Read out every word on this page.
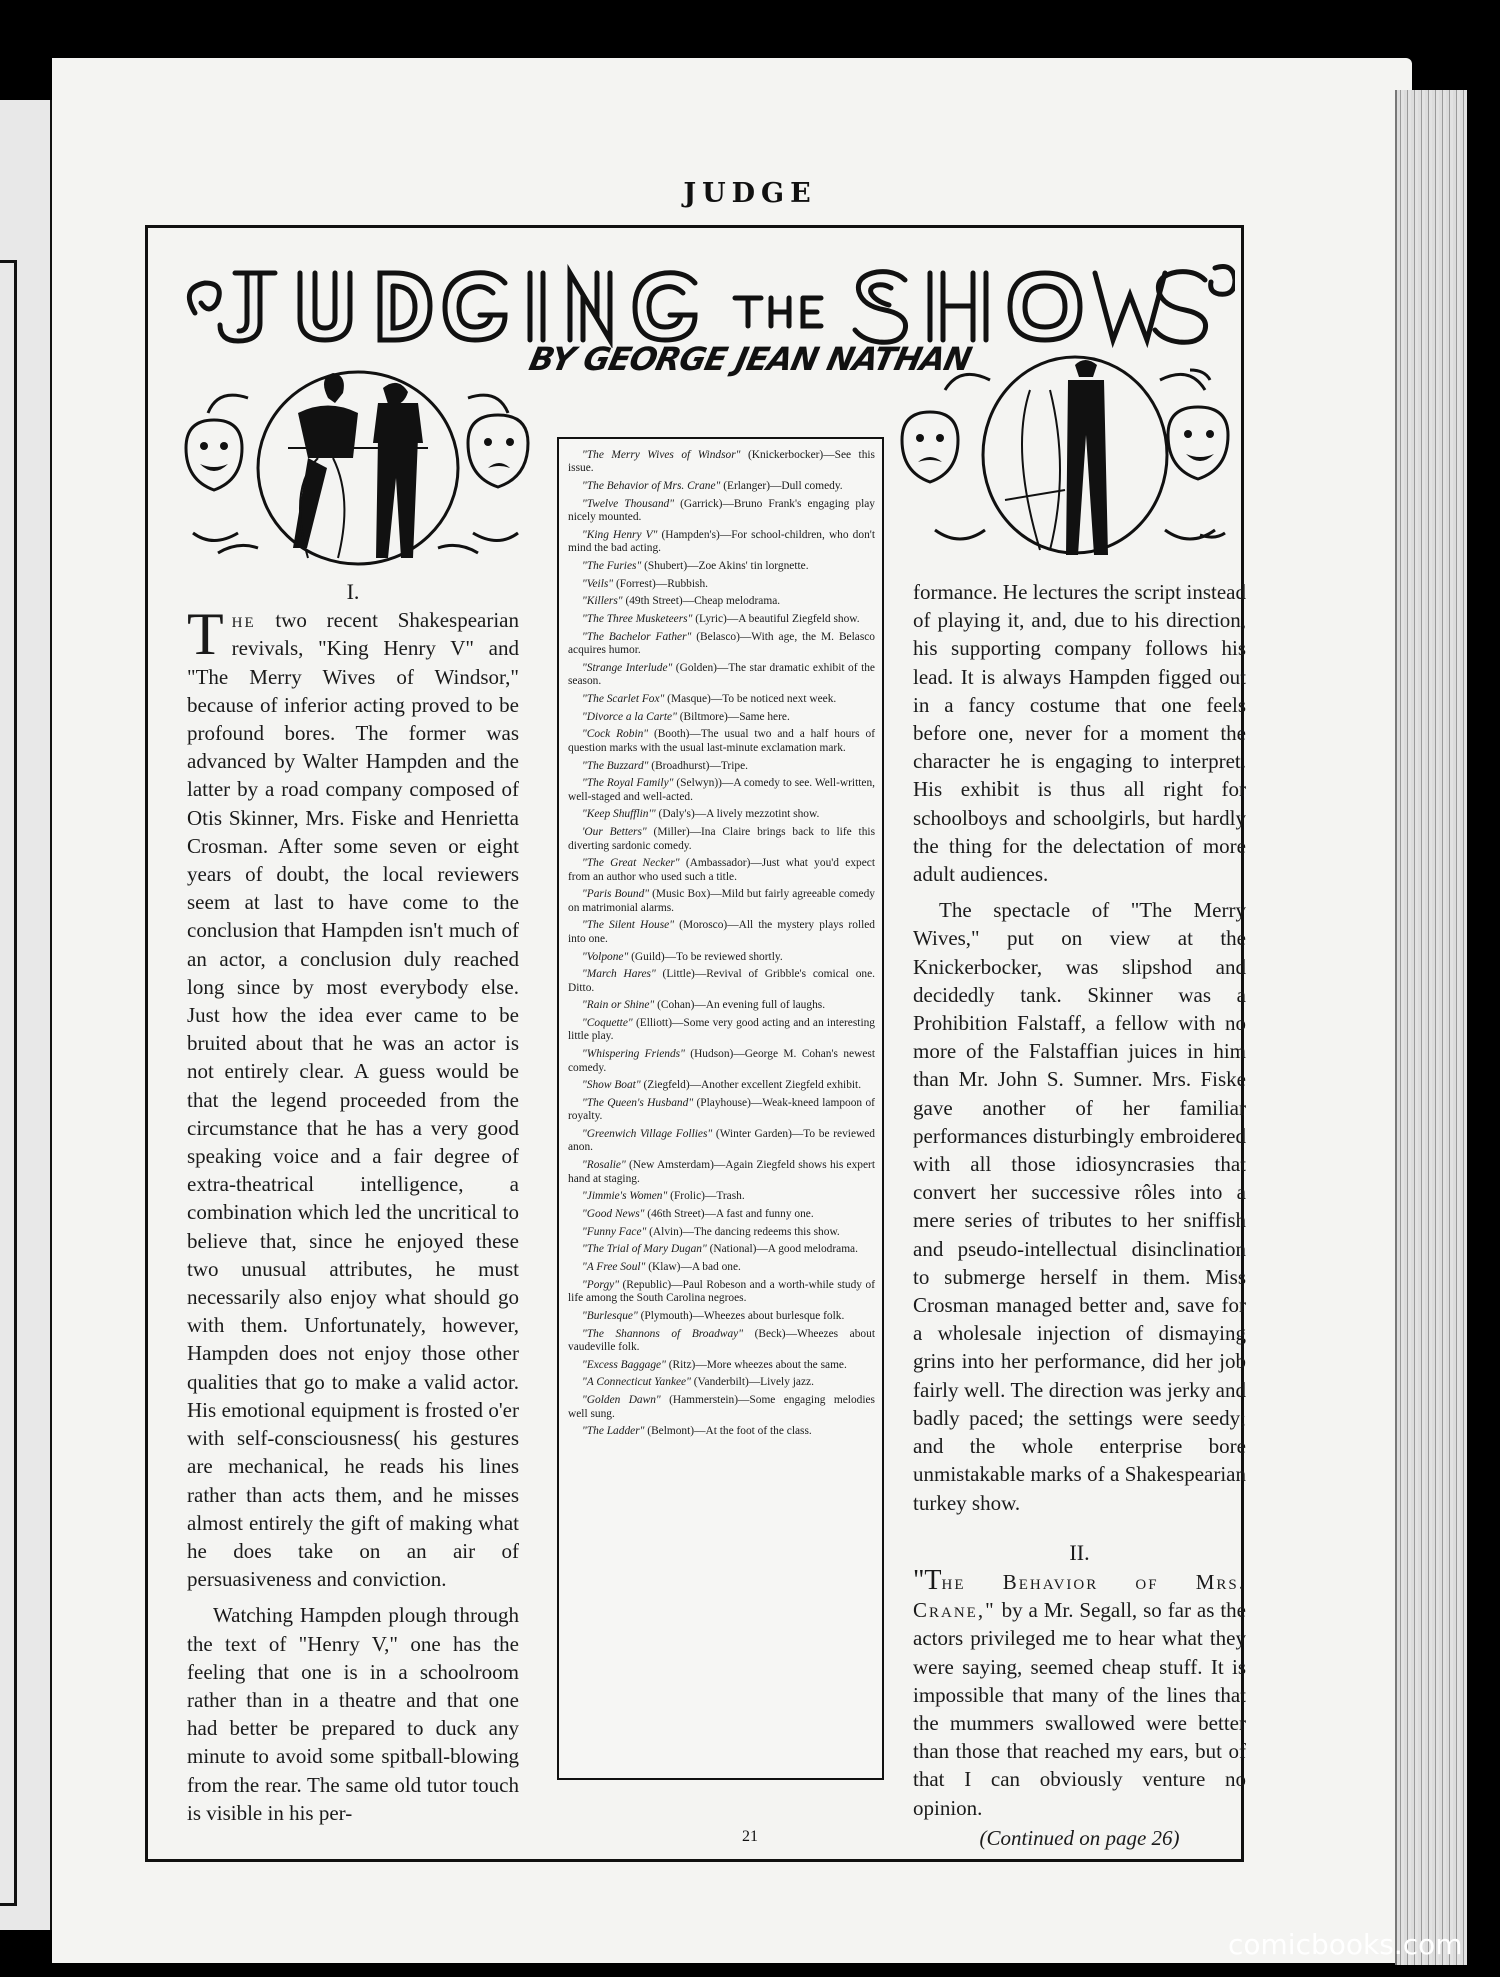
JUDGE
BY GEORGE JEAN NATHAN

I.

The two recent Shakespearian revivals, "King Henry V" and "The Merry Wives of Windsor," because of inferior acting proved to be profound bores. The former was advanced by Walter Hampden and the latter by a road company composed of Otis Skinner, Mrs. Fiske and Henrietta Crosman. After some seven or eight years of doubt, the local reviewers seem at last to have come to the conclusion that Hampden isn't much of an actor, a conclusion duly reached long since by most everybody else. Just how the idea ever came to be bruited about that he was an actor is not entirely clear. A guess would be that the legend proceeded from the circumstance that he has a very good speaking voice and a fair degree of extra-theatrical intelligence, a combination which led the uncritical to believe that, since he enjoyed these two unusual attributes, he must necessarily also enjoy what should go with them. Unfortunately, however, Hampden does not enjoy those other qualities that go to make a valid actor. His emotional equipment is frosted o'er with self-consciousness( his gestures are mechanical, he reads his lines rather than acts them, and he misses almost entirely the gift of making what he does take on an air of persuasiveness and conviction.

Watching Hampden plough through the text of "Henry V," one has the feeling that one is in a schoolroom rather than in a theatre and that one had better be prepared to duck any minute to avoid some spitball-blowing from the rear. The same old tutor touch is visible in his per-

"The Merry Wives of Windsor" (Knickerbocker)—See this issue.

"The Behavior of Mrs. Crane" (Erlanger)—Dull comedy.

"Twelve Thousand" (Garrick)—Bruno Frank's engaging play nicely mounted.

"King Henry V" (Hampden's)—For school-children, who don't mind the bad acting.

"The Furies" (Shubert)—Zoe Akins' tin lorgnette.

"Veils" (Forrest)—Rubbish.

"Killers" (49th Street)—Cheap melodrama.

"The Three Musketeers" (Lyric)—A beautiful Ziegfeld show.

"The Bachelor Father" (Belasco)—With age, the M. Belasco acquires humor.

"Strange Interlude" (Golden)—The star dramatic exhibit of the season.

"The Scarlet Fox" (Masque)—To be noticed next week.

"Divorce a la Carte" (Biltmore)—Same here.

"Cock Robin" (Booth)—The usual two and a half hours of question marks with the usual last-minute exclamation mark.

"The Buzzard" (Broadhurst)—Tripe.

"The Royal Family" (Selwyn))—A comedy to see. Well-written, well-staged and well-acted.

"Keep Shufflin'" (Daly's)—A lively mezzotint show.

'Our Betters" (Miller)—Ina Claire brings back to life this diverting sardonic comedy.

"The Great Necker" (Ambassador)—Just what you'd expect from an author who used such a title.

"Paris Bound" (Music Box)—Mild but fairly agreeable comedy on matrimonial alarms.

"The Silent House" (Morosco)—All the mystery plays rolled into one.

"Volpone" (Guild)—To be reviewed shortly.

"March Hares" (Little)—Revival of Gribble's comical one. Ditto.

"Rain or Shine" (Cohan)—An evening full of laughs.

"Coquette" (Elliott)—Some very good acting and an interesting little play.

"Whispering Friends" (Hudson)—George M. Cohan's newest comedy.

"Show Boat" (Ziegfeld)—Another excellent Ziegfeld exhibit.

"The Queen's Husband" (Playhouse)—Weak-kneed lampoon of royalty.

"Greenwich Village Follies" (Winter Garden)—To be reviewed anon.

"Rosalie" (New Amsterdam)—Again Ziegfeld shows his expert hand at staging.

"Jimmie's Women" (Frolic)—Trash.

"Good News" (46th Street)—A fast and funny one.

"Funny Face" (Alvin)—The dancing redeems this show.

"The Trial of Mary Dugan" (National)—A good melodrama.

"A Free Soul" (Klaw)—A bad one.

"Porgy" (Republic)—Paul Robeson and a worth-while study of life among the South Carolina negroes.

"Burlesque" (Plymouth)—Wheezes about burlesque folk.

"The Shannons of Broadway" (Beck)—Wheezes about vaudeville folk.

"Excess Baggage" (Ritz)—More wheezes about the same.

"A Connecticut Yankee" (Vanderbilt)—Lively jazz.

"Golden Dawn" (Hammerstein)—Some engaging melodies well sung.

"The Ladder" (Belmont)—At the foot of the class.

formance. He lectures the script instead of playing it, and, due to his direction, his supporting company follows his lead. It is always Hampden figged out in a fancy costume that one feels before one, never for a moment the character he is engaging to interpret. His exhibit is thus all right for schoolboys and schoolgirls, but hardly the thing for the delectation of more adult audiences.

The spectacle of "The Merry Wives," put on view at the Knickerbocker, was slipshod and decidedly tank. Skinner was a Prohibition Falstaff, a fellow with no more of the Falstaffian juices in him than Mr. John S. Sumner. Mrs. Fiske gave another of her familiar performances disturbingly embroidered with all those idiosyncrasies that convert her successive rôles into a mere series of tributes to her sniffish and pseudo-intellectual disinclination to submerge herself in them. Miss Crosman managed better and, save for a wholesale injection of dismaying grins into her performance, did her job fairly well. The direction was jerky and badly paced; the settings were seedy; and the whole enterprise bore unmistakable marks of a Shakespearian turkey show.

II.

"The Behavior of Mrs. Crane," by a Mr. Segall, so far as the actors privileged me to hear what they were saying, seemed cheap stuff. It is impossible that many of the lines that the mummers swallowed were better than those that reached my ears, but of that I can obviously venture no opinion.

(Continued on page 26)

21
comicbooks.com
